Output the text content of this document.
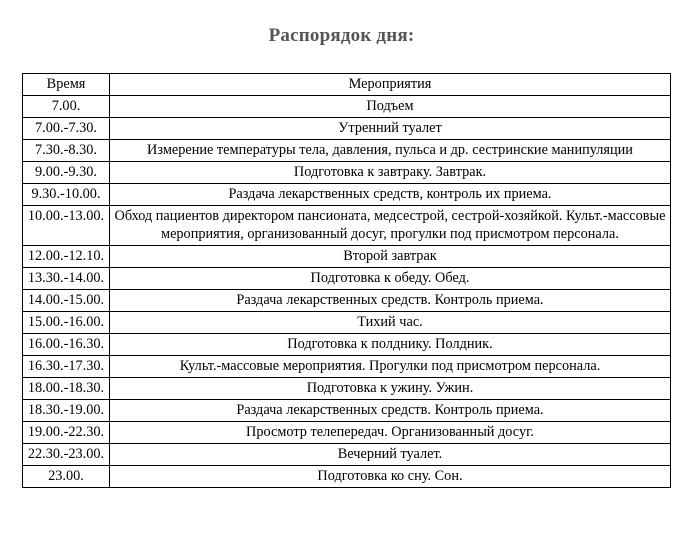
Распорядок дня:
Время	Мероприятия
7.00.	Подъем
7.00.-7.30.	Утренний туалет
7.30.-8.30.	Измерение температуры тела, давления, пульса и др. сестринские манипуляции
9.00.-9.30.	Подготовка к завтраку. Завтрак.
9.30.-10.00.	Раздача лекарственных средств, контроль их приема.
10.00.-13.00.	Обход пациентов директором пансионата, медсестрой, сестрой-хозяйкой. Культ.-массовые мероприятия, организованный досуг, прогулки под присмотром персонала.
12.00.-12.10.	Второй завтрак
13.30.-14.00.	Подготовка к обеду. Обед.
14.00.-15.00.	Раздача лекарственных средств. Контроль приема.
15.00.-16.00.	Тихий час.
16.00.-16.30.	Подготовка к полднику. Полдник.
16.30.-17.30.	Культ.-массовые мероприятия. Прогулки под присмотром персонала.
18.00.-18.30.	Подготовка к ужину. Ужин.
18.30.-19.00.	Раздача лекарственных средств. Контроль приема.
19.00.-22.30.	Просмотр телепередач. Организованный досуг.
22.30.-23.00.	Вечерний туалет.
23.00.	Подготовка ко сну. Сон.
